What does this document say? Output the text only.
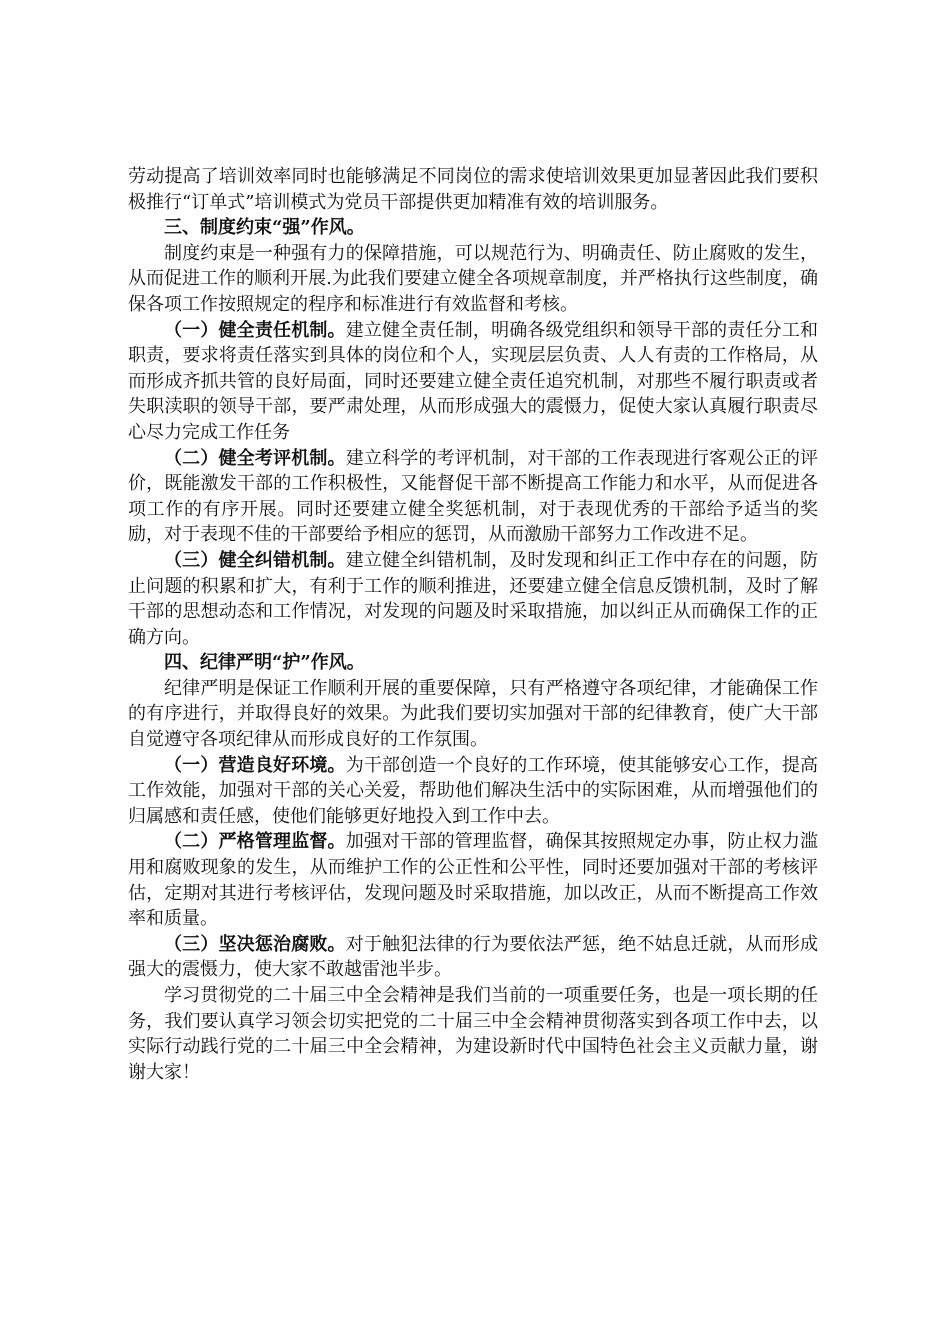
劳动提高了培训效率同时也能够满足不同岗位的需求使培训效果更加显著因此我们要积极推行“订单式”培训模式为党员干部提供更加精准有效的培训服务。

三、制度约束“强”作风。

制度约束是一种强有力的保障措施，可以规范行为、明确责任、防止腐败的发生，从而促进工作的顺利开展.为此我们要建立健全各项规章制度，并严格执行这些制度，确保各项工作按照规定的程序和标准进行有效监督和考核。

（一）健全责任机制。建立健全责任制，明确各级党组织和领导干部的责任分工和职责，要求将责任落实到具体的岗位和个人，实现层层负责、人人有责的工作格局，从而形成齐抓共管的良好局面，同时还要建立健全责任追究机制，对那些不履行职责或者失职渎职的领导干部，要严肃处理，从而形成强大的震慑力，促使大家认真履行职责尽心尽力完成工作任务

（二）健全考评机制。建立科学的考评机制，对干部的工作表现进行客观公正的评价，既能激发干部的工作积极性，又能督促干部不断提高工作能力和水平，从而促进各项工作的有序开展。同时还要建立健全奖惩机制，对于表现优秀的干部给予适当的奖励，对于表现不佳的干部要给予相应的惩罚，从而激励干部努力工作改进不足。

（三）健全纠错机制。建立健全纠错机制，及时发现和纠正工作中存在的问题，防止问题的积累和扩大，有利于工作的顺利推进，还要建立健全信息反馈机制，及时了解干部的思想动态和工作情况，对发现的问题及时采取措施，加以纠正从而确保工作的正确方向。

四、纪律严明“护”作风。

纪律严明是保证工作顺利开展的重要保障，只有严格遵守各项纪律，才能确保工作的有序进行，并取得良好的效果。为此我们要切实加强对干部的纪律教育，使广大干部自觉遵守各项纪律从而形成良好的工作氛围。

（一）营造良好环境。为干部创造一个良好的工作环境，使其能够安心工作，提高工作效能，加强对干部的关心关爱，帮助他们解决生活中的实际困难，从而增强他们的归属感和责任感，使他们能够更好地投入到工作中去。

（二）严格管理监督。加强对干部的管理监督，确保其按照规定办事，防止权力滥用和腐败现象的发生，从而维护工作的公正性和公平性，同时还要加强对干部的考核评估，定期对其进行考核评估，发现问题及时采取措施，加以改正，从而不断提高工作效率和质量。

（三）坚决惩治腐败。对于触犯法律的行为要依法严惩，绝不姑息迁就，从而形成强大的震慑力，使大家不敢越雷池半步。

学习贯彻党的二十届三中全会精神是我们当前的一项重要任务，也是一项长期的任务，我们要认真学习领会切实把党的二十届三中全会精神贯彻落实到各项工作中去，以实际行动践行党的二十届三中全会精神，为建设新时代中国特色社会主义贡献力量，谢谢大家！
